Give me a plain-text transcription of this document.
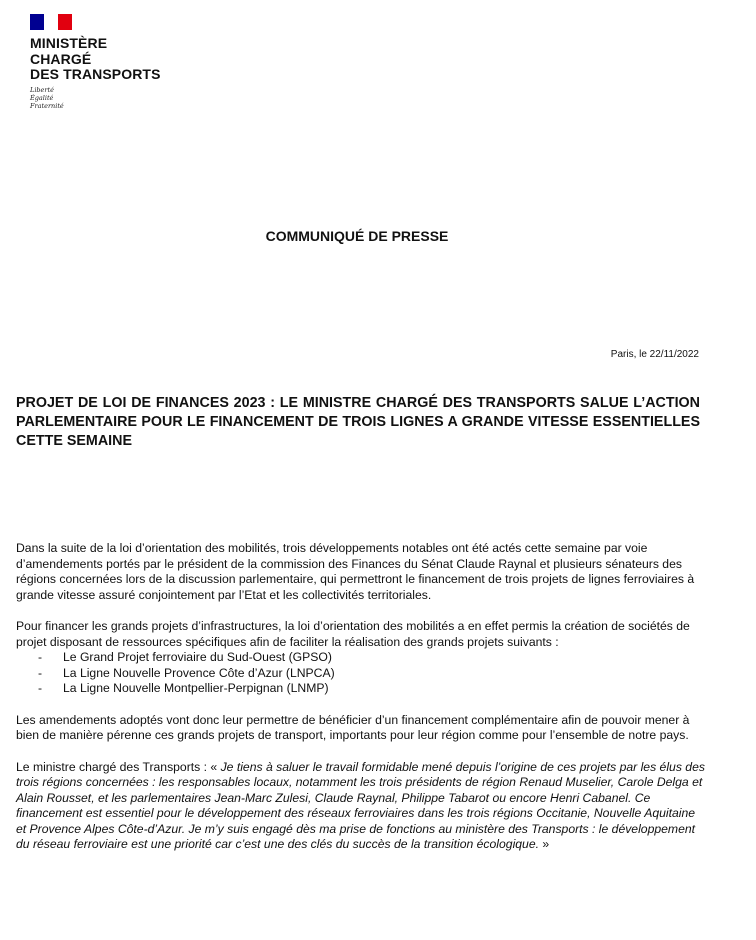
MINISTÈRE
CHARGÉ
DES TRANSPORTS
Liberté
Égalité
Fraternité
COMMUNIQUÉ DE PRESSE
Paris, le 22/11/2022
PROJET DE LOI DE FINANCES 2023 : LE MINISTRE CHARGÉ DES TRANSPORTS SALUE L’ACTION PARLEMENTAIRE POUR LE FINANCEMENT DE TROIS LIGNES A GRANDE VITESSE ESSENTIELLES CETTE SEMAINE

Dans la suite de la loi d’orientation des mobilités, trois développements notables ont été actés cette semaine par voie d’amendements portés par le président de la commission des Finances du Sénat Claude Raynal et plusieurs sénateurs des régions concernées lors de la discussion parlementaire, qui permettront le financement de trois projets de lignes ferroviaires à grande vitesse assuré conjointement par l’Etat et les collectivités territoriales.

Pour financer les grands projets d’infrastructures, la loi d’orientation des mobilités a en effet permis la création de sociétés de projet disposant de ressources spécifiques afin de faciliter la réalisation des grands projets suivants :
- Le Grand Projet ferroviaire du Sud-Ouest (GPSO)
- La Ligne Nouvelle Provence Côte d’Azur (LNPCA)
- La Ligne Nouvelle Montpellier-Perpignan (LNMP)

Les amendements adoptés vont donc leur permettre de bénéficier d’un financement complémentaire afin de pouvoir mener à bien de manière pérenne ces grands projets de transport, importants pour leur région comme pour l’ensemble de notre pays.

Le ministre chargé des Transports : « Je tiens à saluer le travail formidable mené depuis l’origine de ces projets par les élus des trois régions concernées : les responsables locaux, notamment les trois présidents de région Renaud Muselier, Carole Delga et Alain Rousset, et les parlementaires Jean-Marc Zulesi, Claude Raynal, Philippe Tabarot ou encore Henri Cabanel. Ce financement est essentiel pour le développement des réseaux ferroviaires dans les trois régions Occitanie, Nouvelle Aquitaine et Provence Alpes Côte-d’Azur. Je m’y suis engagé dès ma prise de fonctions au ministère des Transports : le développement du réseau ferroviaire est une priorité car c’est une des clés du succès de la transition écologique. »
